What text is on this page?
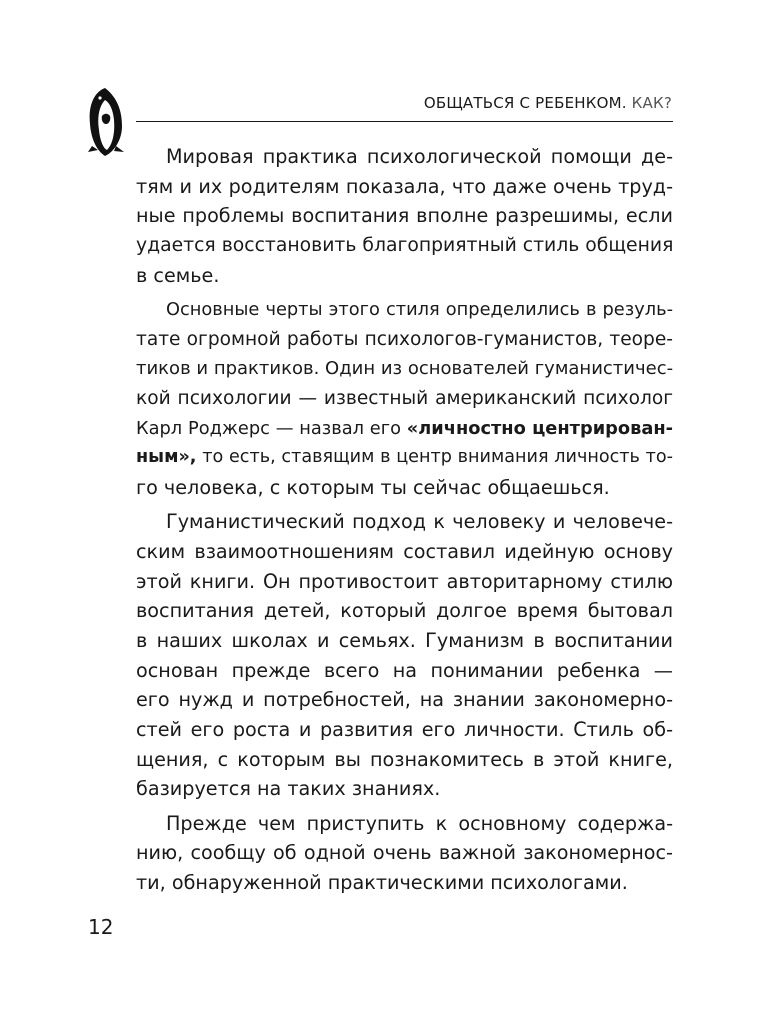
ОБЩАТЬСЯ С РЕБЕНКОМ. КАК?
Мировая практика психологической помощи де-
тям и их родителям показала, что даже очень труд-
ные проблемы воспитания вполне разрешимы, если
удается восстановить благоприятный стиль общения
в семье.
Основные черты этого стиля определились в резуль-
тате огромной работы психологов-гуманистов, теоре-
тиков и практиков. Один из основателей гуманистичес-
кой психологии — известный американский психолог
Карл Роджерс — назвал его «личностно центрирован-
ным», то есть, ставящим в центр внимания личность то-
го человека, с которым ты сейчас общаешься.
Гуманистический подход к человеку и человече-
ским взаимоотношениям составил идейную основу
этой книги. Он противостоит авторитарному стилю
воспитания детей, который долгое время бытовал
в наших школах и семьях. Гуманизм в воспитании
основан прежде всего на понимании ребенка —
его нужд и потребностей, на знании закономерно-
стей его роста и развития его личности. Стиль об-
щения, с которым вы познакомитесь в этой книге,
базируется на таких знаниях.
Прежде чем приступить к основному содержа-
нию, сообщу об одной очень важной закономернос-
ти, обнаруженной практическими психологами.
12
